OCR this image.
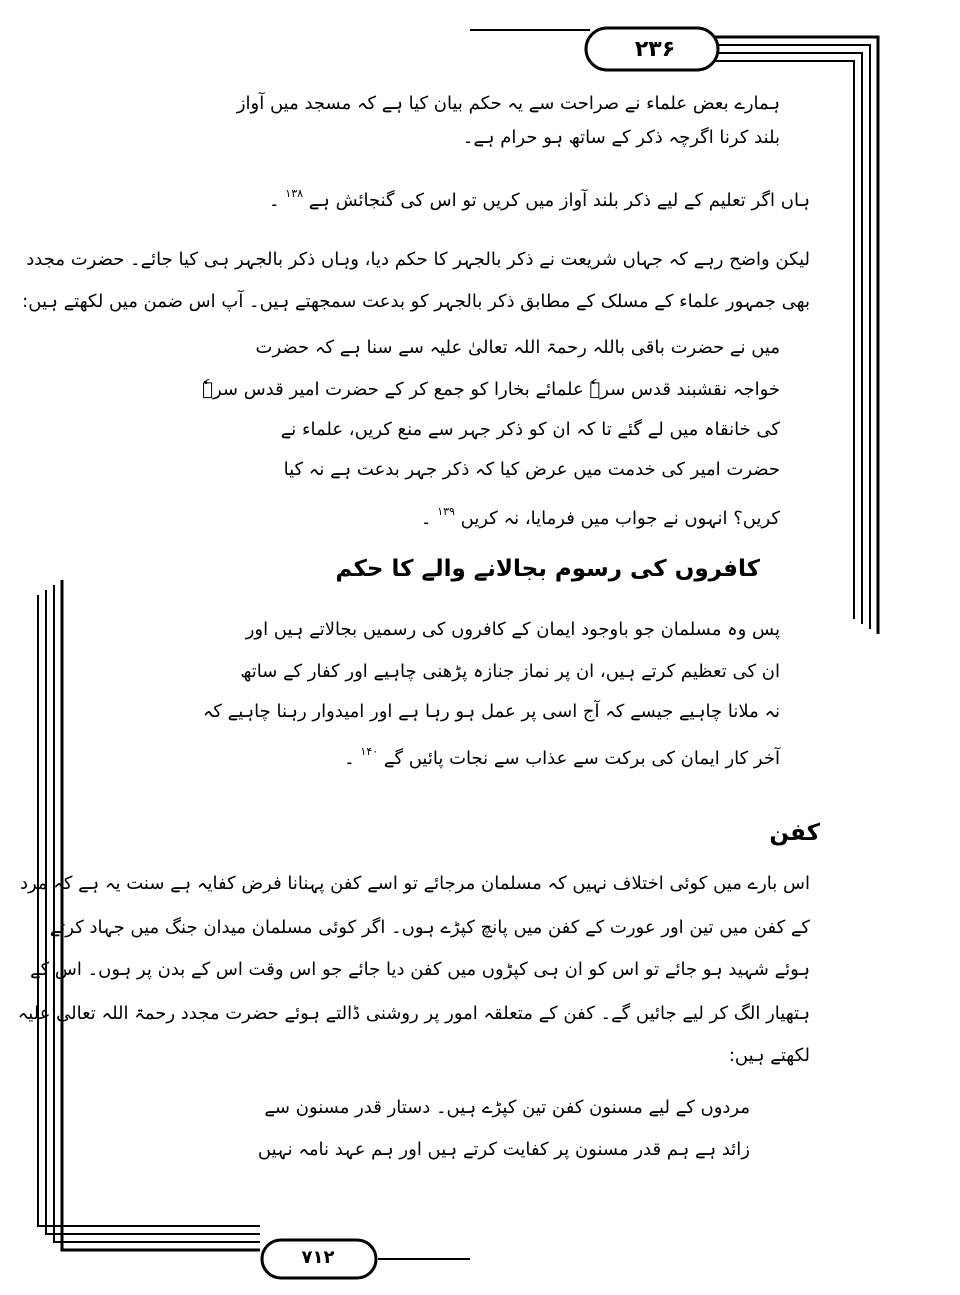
۲۳۶
ہمارے بعض علماء نے صراحت سے یہ حکم بیان کیا ہے کہ مسجد میں آواز
بلند کرنا اگرچہ ذکر کے ساتھ ہو حرام ہے۔
ہاں اگر تعلیم کے لیے ذکر بلند آواز میں کریں تو اس کی گنجائش ہے $^{۱۳۸}$ ۔
لیکن واضح رہے کہ جہاں شریعت نے ذکر بالجہر کا حکم دیا، وہاں ذکر بالجہر ہی کیا جائے۔ حضرت مجدد
بھی جمہور علماء کے مسلک کے مطابق ذکر بالجہر کو بدعت سمجھتے ہیں۔ آپ اس ضمن میں لکھتے ہیں:
میں نے حضرت باقی باللہ رحمۃ اللہ تعالیٰ علیہ سے سنا ہے کہ حضرت
خواجہ نقشبند قدس سرہٗ علمائے بخارا کو جمع کر کے حضرت امیر قدس سرہٗ
کی خانقاہ میں لے گئے تا کہ ان کو ذکر جہر سے منع کریں، علماء نے
حضرت امیر کی خدمت میں عرض کیا کہ ذکر جہر بدعت ہے نہ کیا
کریں؟ انہوں نے جواب میں فرمایا، نہ کریں $^{۱۳۹}$ ۔
کافروں کی رسوم بجالانے والے کا حکم
پس وہ مسلمان جو باوجود ایمان کے کافروں کی رسمیں بجالاتے ہیں اور
ان کی تعظیم کرتے ہیں، ان پر نماز جنازہ پڑھنی چاہیے اور کفار کے ساتھ
نہ ملانا چاہیے جیسے کہ آج اسی پر عمل ہو رہا ہے اور امیدوار رہنا چاہیے کہ
آخر کار ایمان کی برکت سے عذاب سے نجات پائیں گے $^{۱۴۰}$ ۔
کفن
اس بارے میں کوئی اختلاف نہیں کہ مسلمان مرجائے تو اسے کفن پہنانا فرض کفایہ ہے سنت یہ ہے کہ مرد
کے کفن میں تین اور عورت کے کفن میں پانچ کپڑے ہوں۔ اگر کوئی مسلمان میدان جنگ میں جہاد کرتے
ہوئے شہید ہو جائے تو اس کو ان ہی کپڑوں میں کفن دیا جائے جو اس وقت اس کے بدن پر ہوں۔ اس کے
ہتھیار الگ کر لیے جائیں گے۔ کفن کے متعلقہ امور پر روشنی ڈالتے ہوئے حضرت مجدد رحمۃ اللہ تعالیٰ علیہ
لکھتے ہیں:
مردوں کے لیے مسنون کفن تین کپڑے ہیں۔ دستار قدر مسنون سے
زائد ہے ہم قدر مسنون پر کفایت کرتے ہیں اور ہم عہد نامہ نہیں
۷۱۲
